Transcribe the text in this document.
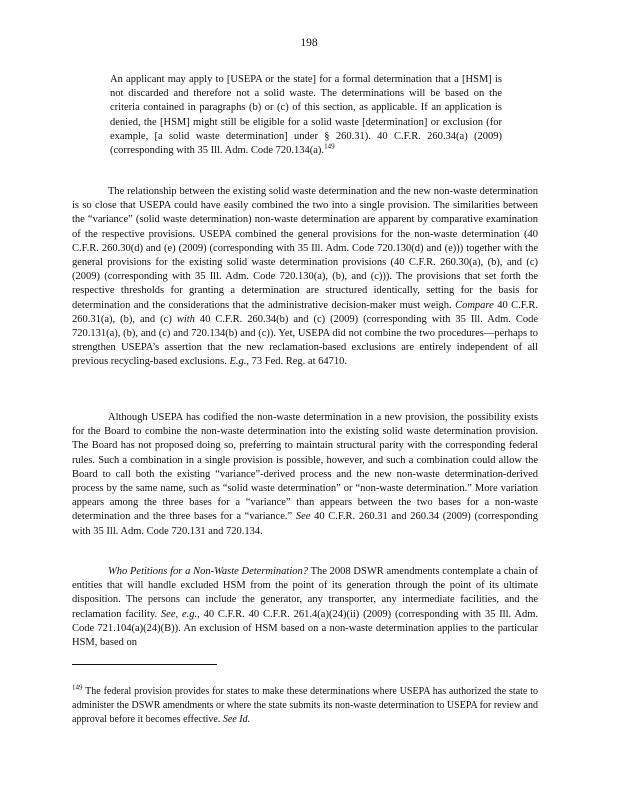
198

An applicant may apply to [USEPA or the state] for a formal determination that a [HSM] is not discarded and therefore not a solid waste. The determinations will be based on the criteria contained in paragraphs (b) or (c) of this section, as applicable. If an application is denied, the [HSM] might still be eligible for a solid waste [determination] or exclusion (for example, [a solid waste determination] under § 260.31). 40 C.F.R. 260.34(a) (2009) (corresponding with 35 Ill. Adm. Code 720.134(a).$^{149}$

The relationship between the existing solid waste determination and the new non-waste determination is so close that USEPA could have easily combined the two into a single provision. The similarities between the “variance” (solid waste determination) non-waste determination are apparent by comparative examination of the respective provisions. USEPA combined the general provisions for the non-waste determination (40 C.F.R. 260.30(d) and (e) (2009) (corresponding with 35 Ill. Adm. Code 720.130(d) and (e))) together with the general provisions for the existing solid waste determination provisions (40 C.F.R. 260.30(a), (b), and (c) (2009) (corresponding with 35 Ill. Adm. Code 720.130(a), (b), and (c))). The provisions that set forth the respective thresholds for granting a determination are structured identically, setting for the basis for determination and the considerations that the administrative decision-maker must weigh. Compare 40 C.F.R. 260.31(a), (b), and (c) with 40 C.F.R. 260.34(b) and (c) (2009) (corresponding with 35 Ill. Adm. Code 720.131(a), (b), and (c) and 720.134(b) and (c)). Yet, USEPA did not combine the two procedures—perhaps to strengthen USEPA’s assertion that the new reclamation-based exclusions are entirely independent of all previous recycling-based exclusions. E.g., 73 Fed. Reg. at 64710.

Although USEPA has codified the non-waste determination in a new provision, the possibility exists for the Board to combine the non-waste determination into the existing solid waste determination provision. The Board has not proposed doing so, preferring to maintain structural parity with the corresponding federal rules. Such a combination in a single provision is possible, however, and such a combination could allow the Board to call both the existing “variance”-derived process and the new non-waste determination-derived process by the same name, such as “solid waste determination” or “non-waste determination.” More variation appears among the three bases for a “variance” than appears between the two bases for a non-waste determination and the three bases for a “variance.” See 40 C.F.R. 260.31 and 260.34 (2009) (corresponding with 35 Ill. Adm. Code 720.131 and 720.134.

Who Petitions for a Non-Waste Determination? The 2008 DSWR amendments contemplate a chain of entities that will handle excluded HSM from the point of its generation through the point of its ultimate disposition. The persons can include the generator, any transporter, any intermediate facilities, and the reclamation facility. See, e.g., 40 C.F.R. 40 C.F.R. 261.4(a)(24)(ii) (2009) (corresponding with 35 Ill. Adm. Code 721.104(a)(24)(B)). An exclusion of HSM based on a non-waste determination applies to the particular HSM, based on

$^{149}$ The federal provision provides for states to make these determinations where USEPA has authorized the state to administer the DSWR amendments or where the state submits its non-waste determination to USEPA for review and approval before it becomes effective. See Id.
